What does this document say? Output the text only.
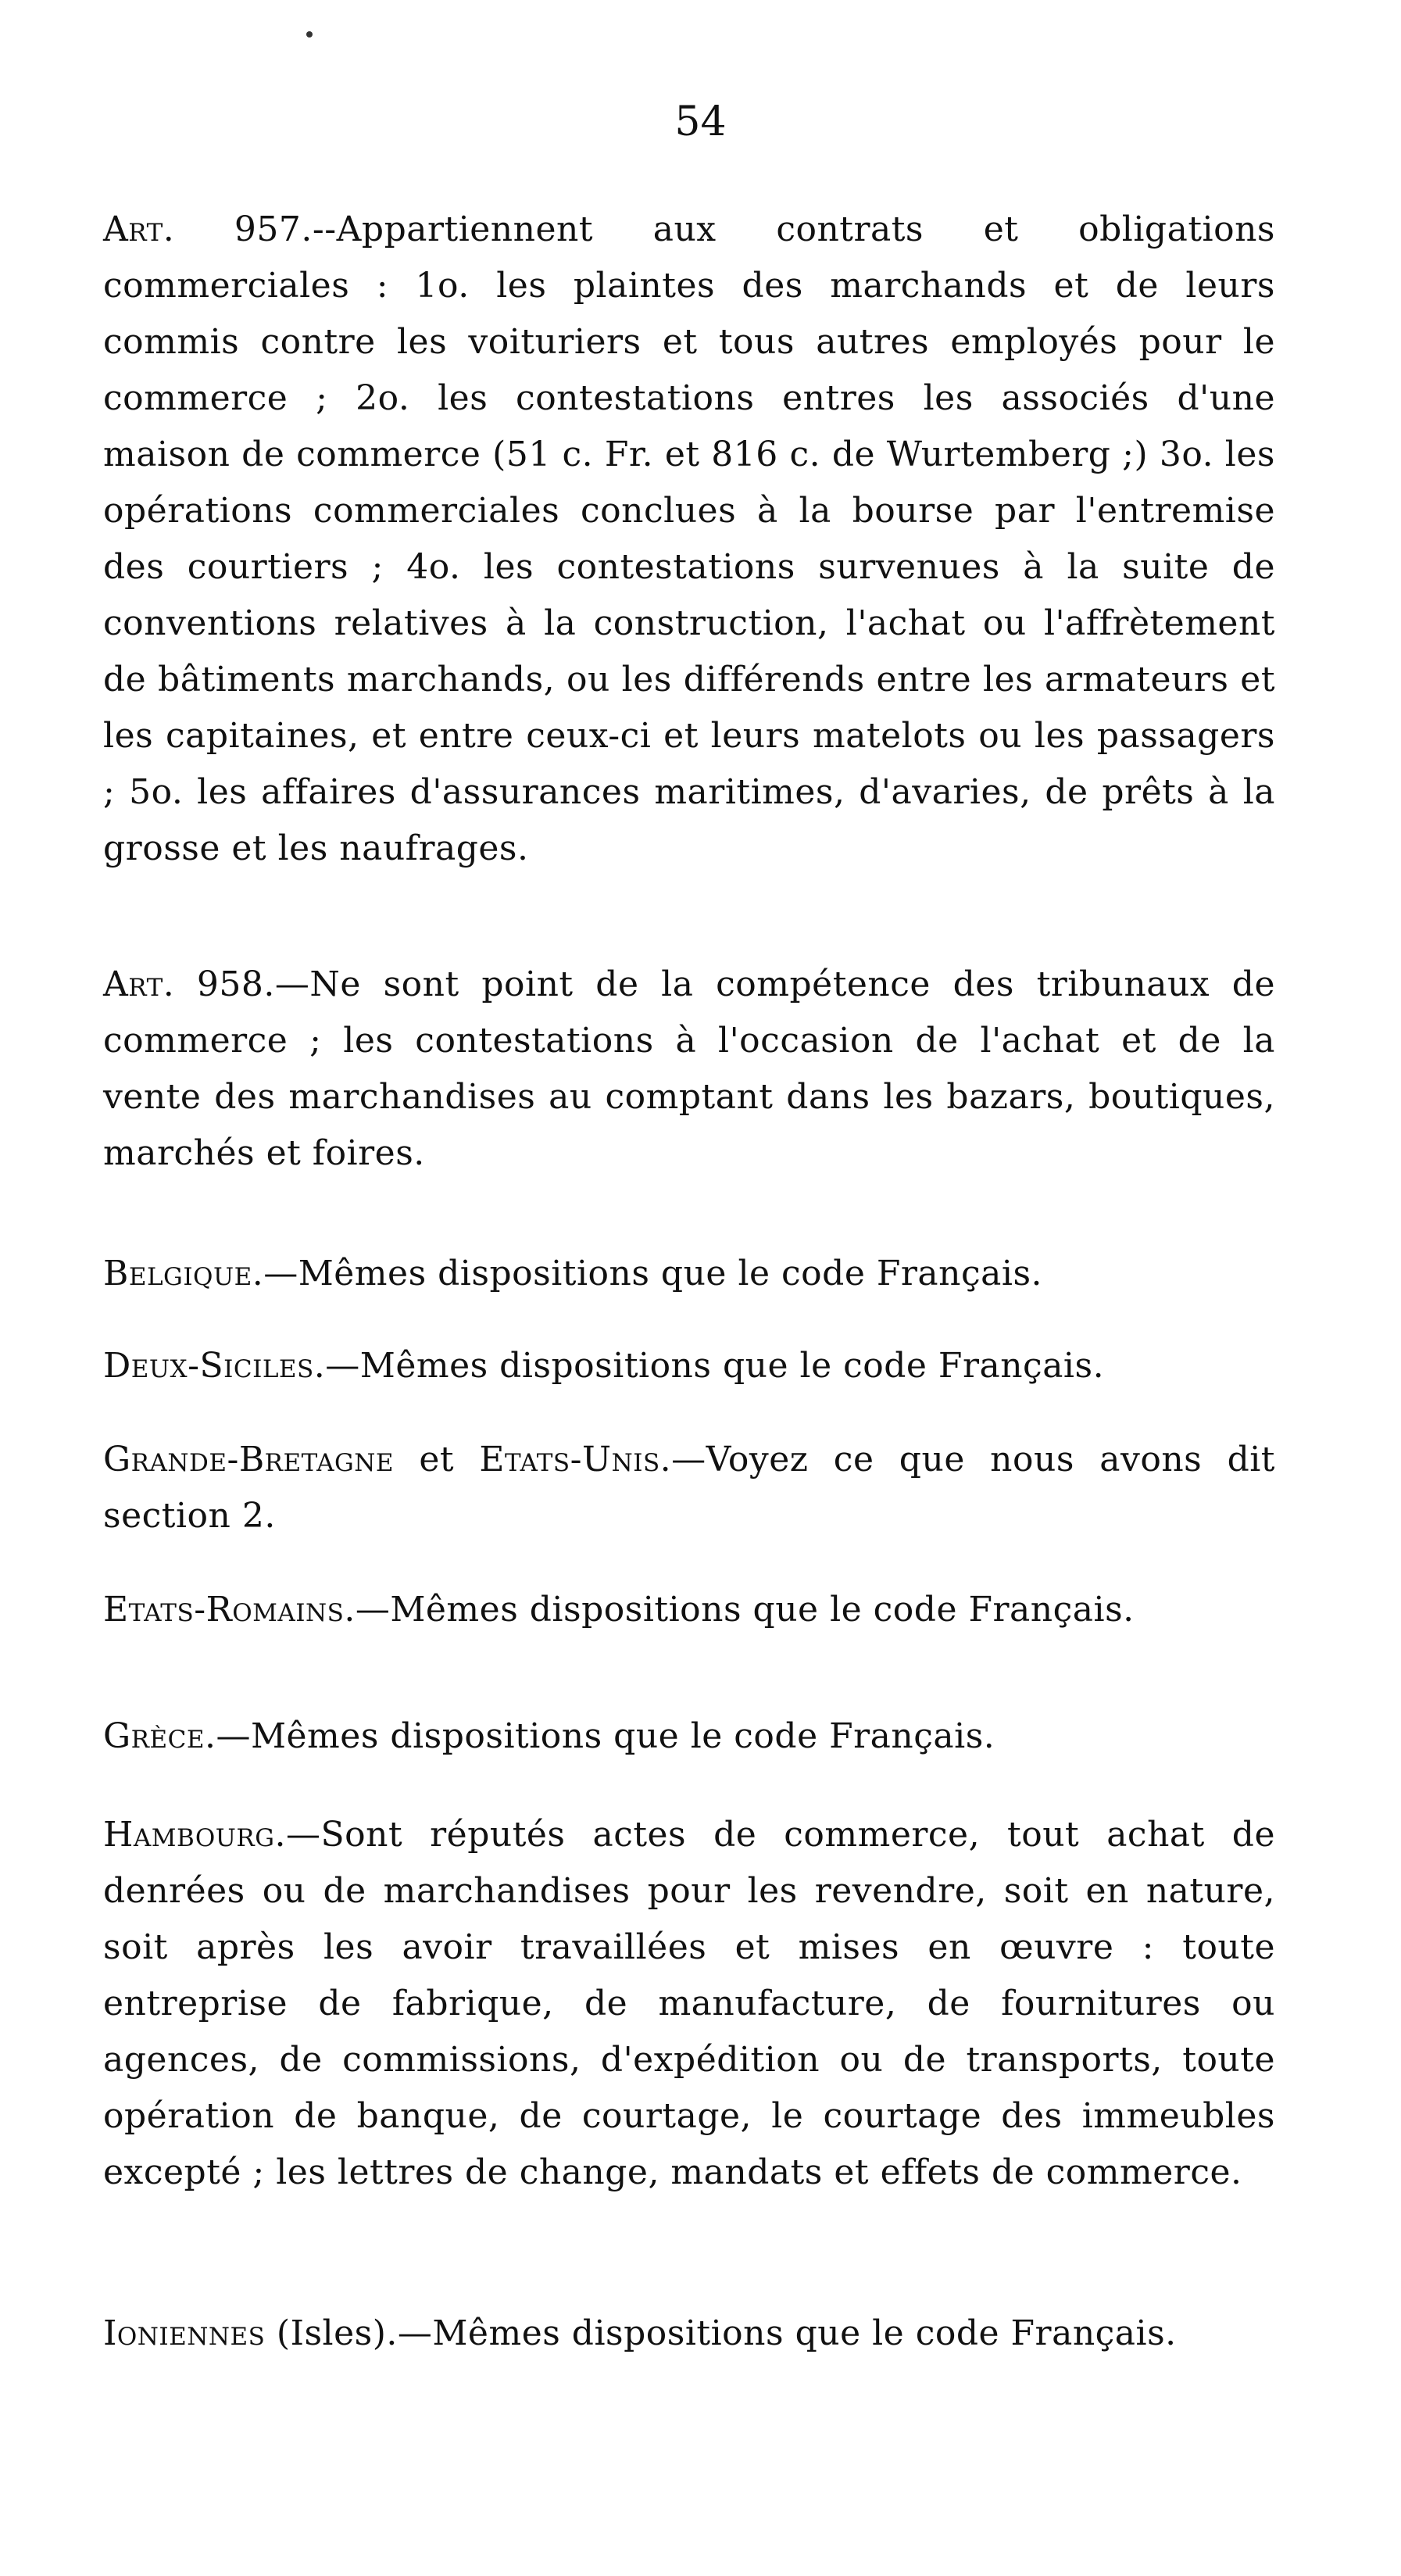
54

Art. 957.--Appartiennent aux contrats et obligations commerciales : 1o. les plaintes des marchands et de leurs commis contre les voituriers et tous autres employés pour le commerce ; 2o. les contestations entres les associés d'une maison de commerce (51 c. Fr. et 816 c. de Wurtemberg ;) 3o. les opérations commerciales conclues à la bourse par l'entremise des courtiers ; 4o. les contestations survenues à la suite de conventions relatives à la construction, l'achat ou l'affrètement de bâtiments marchands, ou les différends entre les armateurs et les capitaines, et entre ceux-ci et leurs matelots ou les passagers ; 5o. les affaires d'assurances maritimes, d'avaries, de prêts à la grosse et les naufrages.

Art. 958.—Ne sont point de la compétence des tribunaux de commerce ; les contestations à l'occasion de l'achat et de la vente des marchandises au comptant dans les bazars, boutiques, marchés et foires.

Belgique.—Mêmes dispositions que le code Français.

Deux-Siciles.—Mêmes dispositions que le code Français.

Grande-Bretagne et Etats-Unis.—Voyez ce que nous avons dit section 2.

Etats-Romains.—Mêmes dispositions que le code Français.

Grèce.—Mêmes dispositions que le code Français.

Hambourg.—Sont réputés actes de commerce, tout achat de denrées ou de marchandises pour les revendre, soit en nature, soit après les avoir travaillées et mises en œuvre : toute entreprise de fabrique, de manufacture, de fournitures ou agences, de commissions, d'expédition ou de transports, toute opération de banque, de courtage, le courtage des immeubles excepté ; les lettres de change, mandats et effets de commerce.

Ioniennes (Isles).—Mêmes dispositions que le code Français.
